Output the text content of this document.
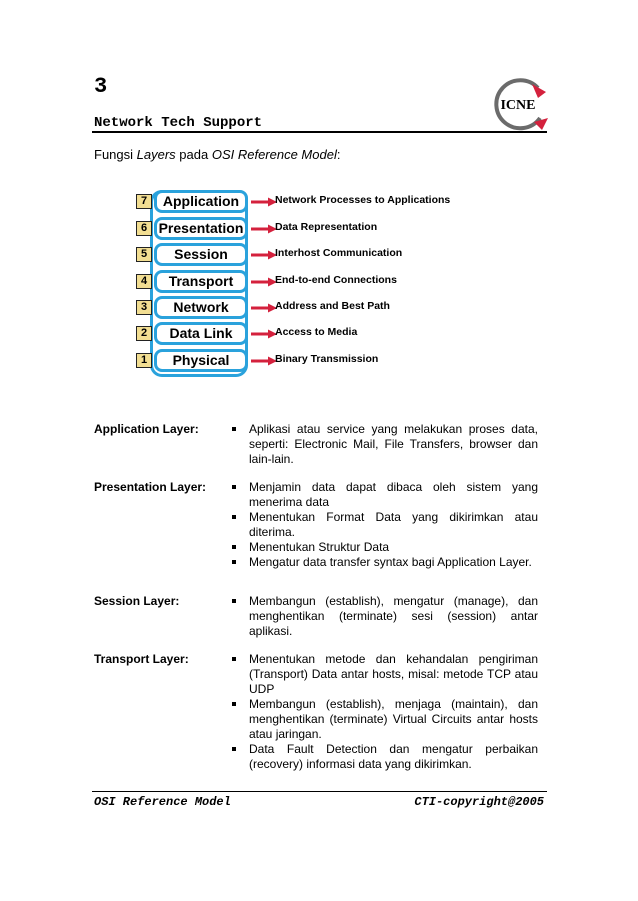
3
Network Tech Support
ICNE
Fungsi Layers pada OSI Reference Model:
7	Application	Network Processes to Applications
6 Presentation	Data Representation
5	Session	Interhost Communication
4	Transport	End-to-end Connections
3	Network	Address and Best Path
2	Data Link	Access to Media
1	Physical	Binary Transmission
Application Layer:	Aplikasi atau service yang melakukan proses data, seperti: Electronic Mail, File Transfers, browser dan lain-lain.
Presentation Layer:	Menjamin data dapat dibaca oleh sistem yang menerima data
Menentukan Format Data yang dikirimkan atau diterima.
Menentukan Struktur Data
Mengatur data transfer syntax bagi Application Layer.
Session Layer:	Membangun (establish), mengatur (manage), dan menghentikan (terminate) sesi (session) antar aplikasi.
Transport Layer:	Menentukan metode dan kehandalan pengiriman (Transport) Data antar hosts, misal: metode TCP atau UDP
Membangun (establish), menjaga (maintain), dan menghentikan (terminate) Virtual Circuits antar hosts atau jaringan.
Data Fault Detection dan mengatur perbaikan (recovery) informasi data yang dikirimkan.
OSI Reference Model	CTI-copyright@2005
